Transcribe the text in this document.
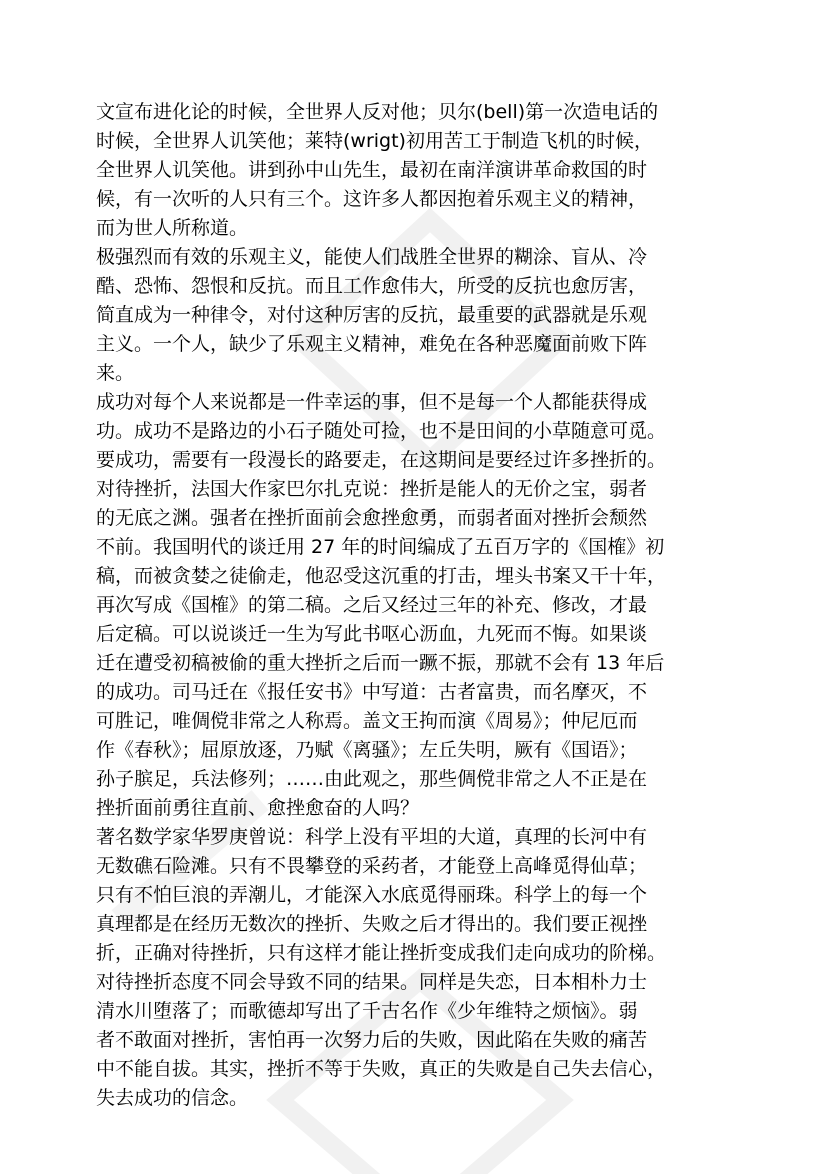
文宣布进化论的时候，全世界人反对他；贝尔(bell)第一次造电话的
时候，全世界人讥笑他；莱特(wrigt)初用苦工于制造飞机的时候，
全世界人讥笑他。讲到孙中山先生，最初在南洋演讲革命救国的时
候，有一次听的人只有三个。这许多人都因抱着乐观主义的精神，
而为世人所称道。
极强烈而有效的乐观主义，能使人们战胜全世界的糊涂、盲从、冷
酷、恐怖、怨恨和反抗。而且工作愈伟大，所受的反抗也愈厉害，
简直成为一种律令，对付这种厉害的反抗，最重要的武器就是乐观
主义。一个人，缺少了乐观主义精神，难免在各种恶魔面前败下阵
来。
成功对每个人来说都是一件幸运的事，但不是每一个人都能获得成
功。成功不是路边的小石子随处可捡，也不是田间的小草随意可觅。
要成功，需要有一段漫长的路要走，在这期间是要经过许多挫折的。
对待挫折，法国大作家巴尔扎克说：挫折是能人的无价之宝，弱者
的无底之渊。强者在挫折面前会愈挫愈勇，而弱者面对挫折会颓然
不前。我国明代的谈迁用 27 年的时间编成了五百万字的《国榷》初
稿，而被贪婪之徒偷走，他忍受这沉重的打击，埋头书案又干十年，
再次写成《国榷》的第二稿。之后又经过三年的补充、修改，才最
后定稿。可以说谈迁一生为写此书呕心沥血，九死而不悔。如果谈
迁在遭受初稿被偷的重大挫折之后而一蹶不振，那就不会有 13 年后
的成功。司马迁在《报任安书》中写道：古者富贵，而名摩灭，不
可胜记，唯倜傥非常之人称焉。盖文王拘而演《周易》；仲尼厄而
作《春秋》；屈原放逐，乃赋《离骚》；左丘失明，厥有《国语》；
孙子膑足，兵法修列；……由此观之，那些倜傥非常之人不正是在
挫折面前勇往直前、愈挫愈奋的人吗？
著名数学家华罗庚曾说：科学上没有平坦的大道，真理的长河中有
无数礁石险滩。只有不畏攀登的采药者，才能登上高峰觅得仙草；
只有不怕巨浪的弄潮儿，才能深入水底觅得丽珠。科学上的每一个
真理都是在经历无数次的挫折、失败之后才得出的。我们要正视挫
折，正确对待挫折，只有这样才能让挫折变成我们走向成功的阶梯。
对待挫折态度不同会导致不同的结果。同样是失恋，日本相朴力士
清水川堕落了；而歌德却写出了千古名作《少年维特之烦恼》。弱
者不敢面对挫折，害怕再一次努力后的失败，因此陷在失败的痛苦
中不能自拔。其实，挫折不等于失败，真正的失败是自己失去信心，
失去成功的信念。
